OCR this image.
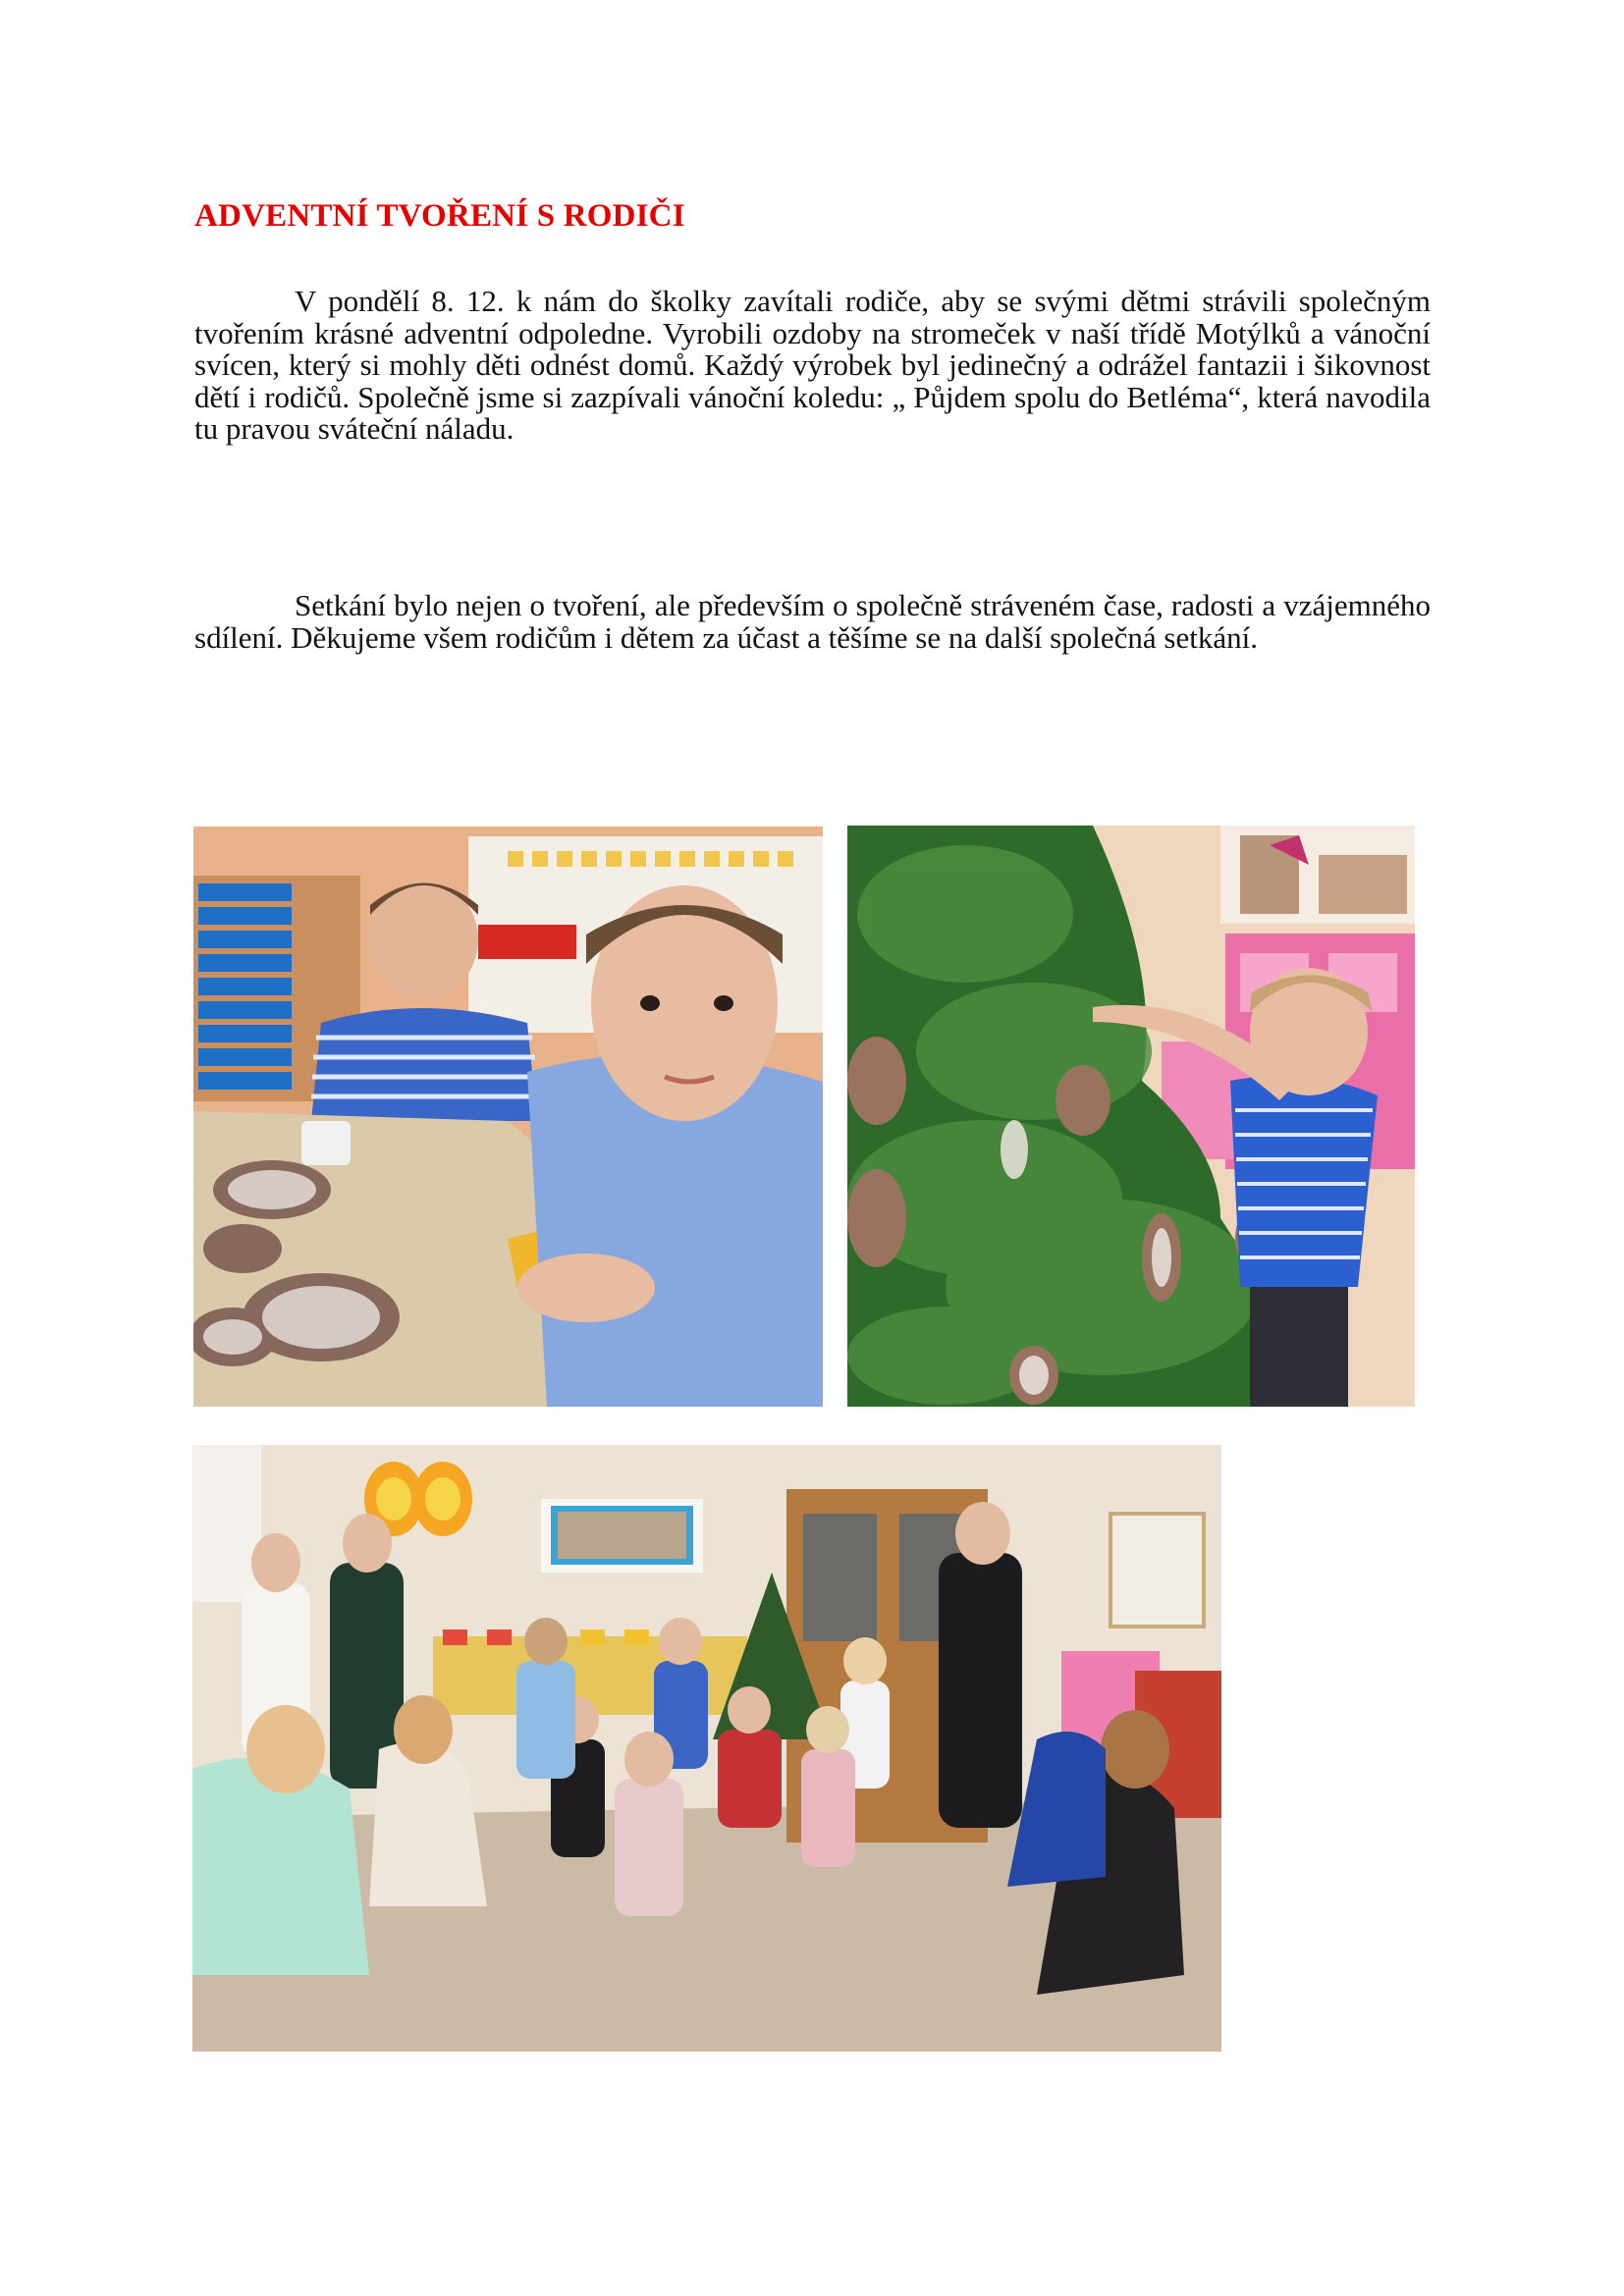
ADVENTNÍ TVOŘENÍ S RODIČI

V pondělí 8. 12. k nám do školky zavítali rodiče, aby se svými dětmi strávili společným tvořením krásné adventní odpoledne. Vyrobili ozdoby na stromeček v naší třídě Motýlků a vánoční svícen, který si mohly děti odnést domů. Každý výrobek byl jedinečný a odrážel fantazii i šikovnost dětí i rodičů. Společně jsme si zazpívali vánoční koledu: „ Půjdem spolu do Betléma“, která navodila tu pravou sváteční náladu.

Setkání bylo nejen o tvoření, ale především o společně stráveném čase, radosti a vzájemného sdílení. Děkujeme všem rodičům i dětem za účast a těšíme se na další společná setkání.
